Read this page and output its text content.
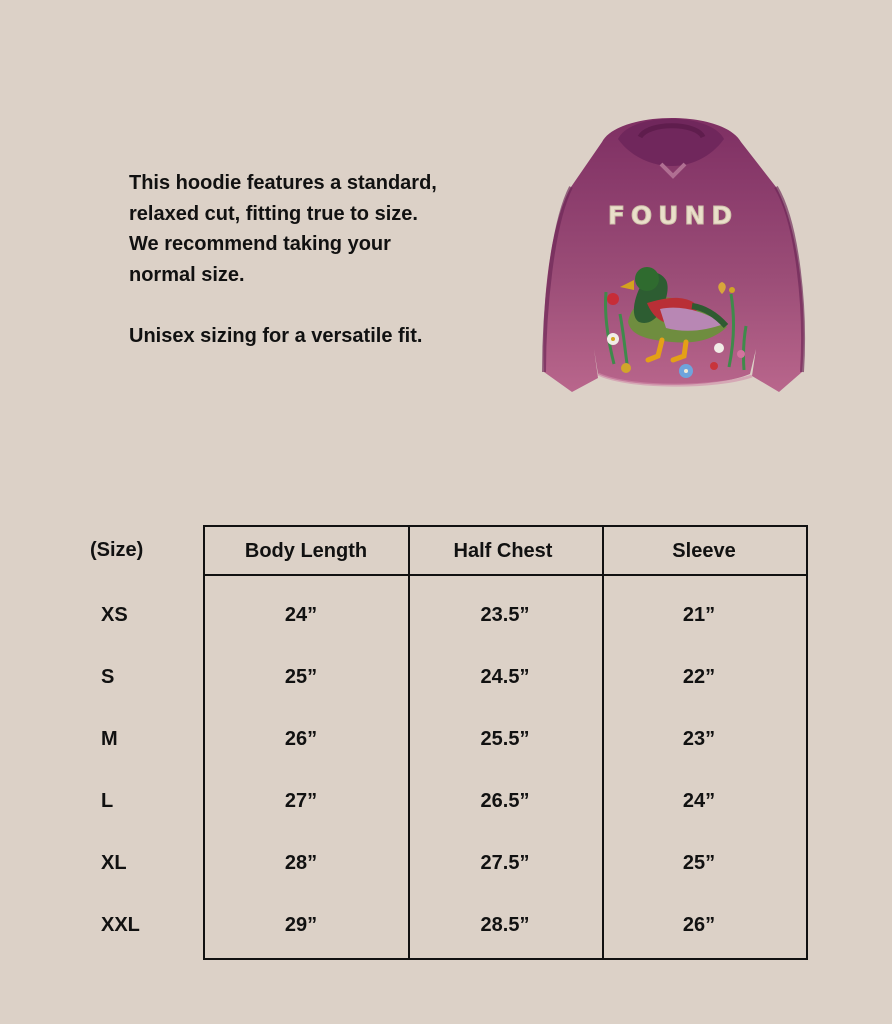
This hoodie features a standard,

relaxed cut, fitting true to size.

We recommend taking your

normal size.

Unisex sizing for a versatile fit.

FOUND
(Size)	Body Length	Half Chest	Sleeve
XS	24”	23.5”	21”
S	25”	24.5”	22”
M	26”	25.5”	23”
L	27”	26.5”	24”
XL	28”	27.5”	25”
XXL	29”	28.5”	26”
